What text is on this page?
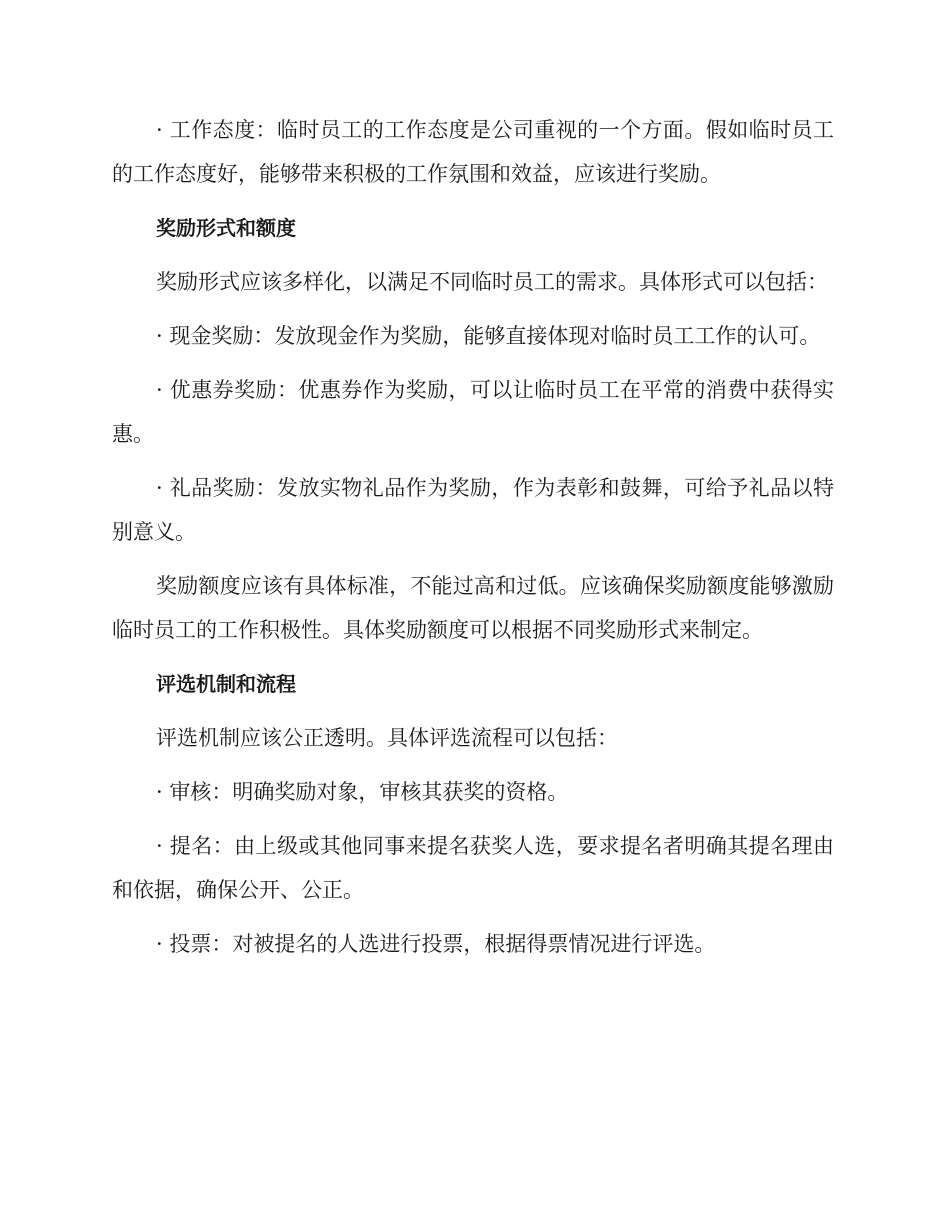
· 工作态度：临时员工的工作态度是公司重视的一个方面。假如临时员工的工作态度好，能够带来积极的工作氛围和效益，应该进行奖励。

奖励形式和额度

奖励形式应该多样化，以满足不同临时员工的需求。具体形式可以包括：

· 现金奖励：发放现金作为奖励，能够直接体现对临时员工工作的认可。

· 优惠券奖励：优惠券作为奖励，可以让临时员工在平常的消费中获得实惠。

· 礼品奖励：发放实物礼品作为奖励，作为表彰和鼓舞，可给予礼品以特别意义。

奖励额度应该有具体标准，不能过高和过低。应该确保奖励额度能够激励临时员工的工作积极性。具体奖励额度可以根据不同奖励形式来制定。

评选机制和流程

评选机制应该公正透明。具体评选流程可以包括：

· 审核：明确奖励对象，审核其获奖的资格。

· 提名：由上级或其他同事来提名获奖人选，要求提名者明确其提名理由和依据，确保公开、公正。

· 投票：对被提名的人选进行投票，根据得票情况进行评选。
